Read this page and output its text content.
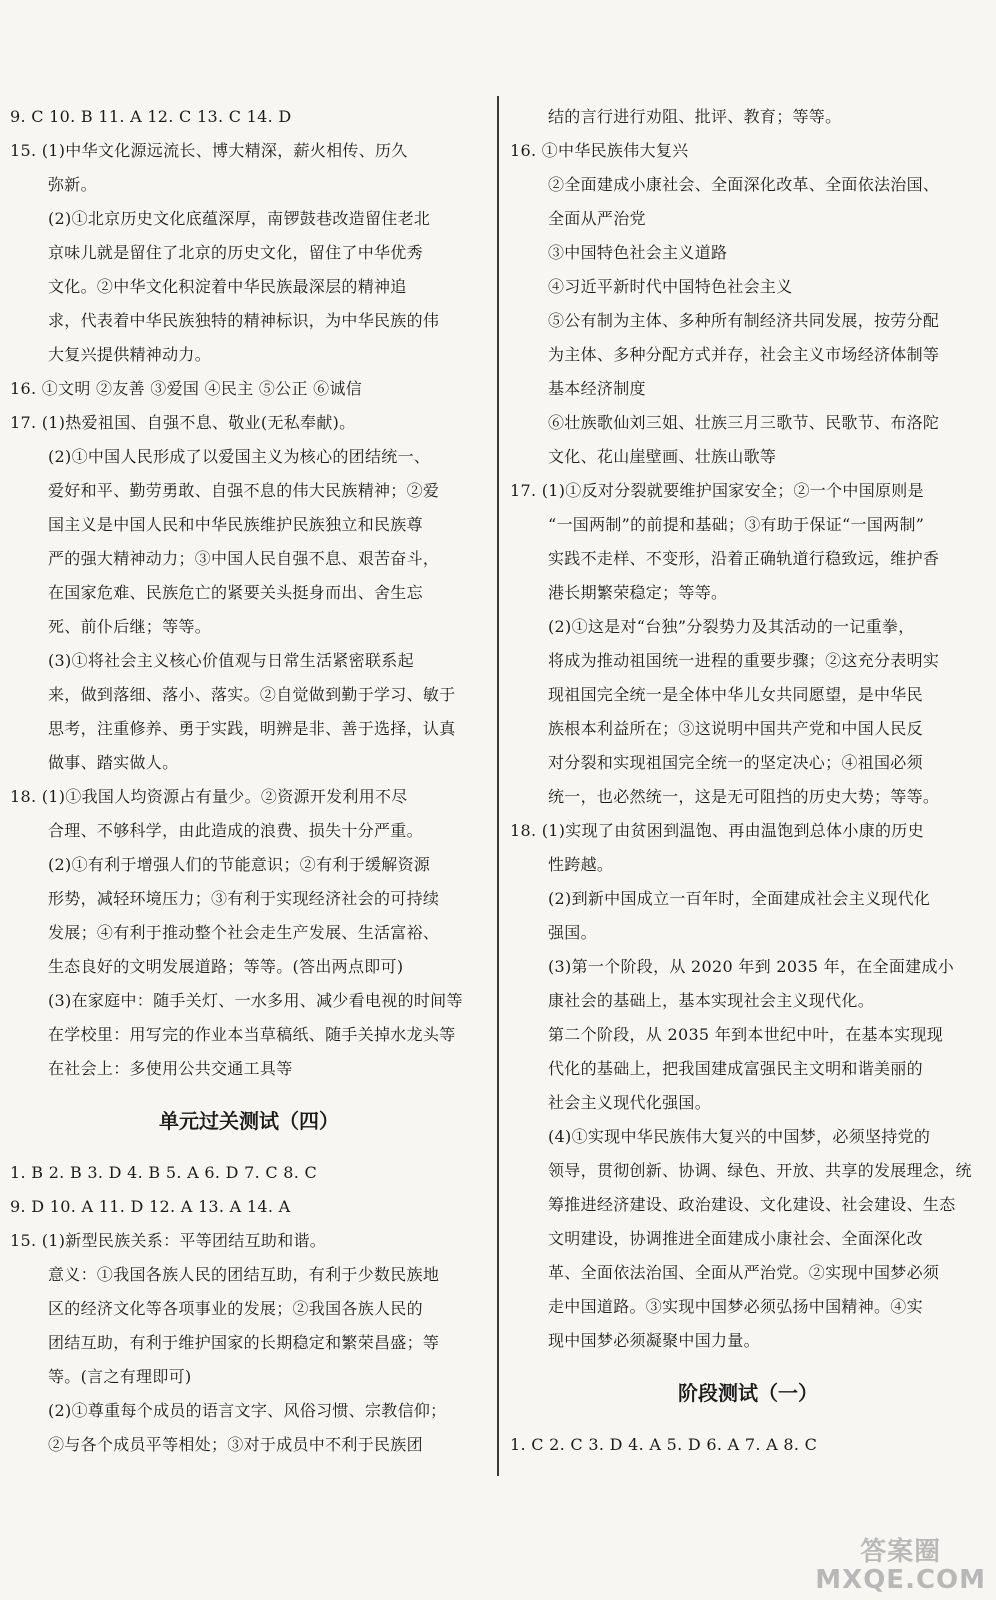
9. C 10. B 11. A 12. C 13. C 14. D
15. (1)中华文化源远流长、博大精深，薪火相传、历久
弥新。
(2)①北京历史文化底蕴深厚，南锣鼓巷改造留住老北
京味儿就是留住了北京的历史文化，留住了中华优秀
文化。②中华文化积淀着中华民族最深层的精神追
求，代表着中华民族独特的精神标识，为中华民族的伟
大复兴提供精神动力。
16. ①文明 ②友善 ③爱国 ④民主 ⑤公正 ⑥诚信
17. (1)热爱祖国、自强不息、敬业(无私奉献)。
(2)①中国人民形成了以爱国主义为核心的团结统一、
爱好和平、勤劳勇敢、自强不息的伟大民族精神；②爱
国主义是中国人民和中华民族维护民族独立和民族尊
严的强大精神动力；③中国人民自强不息、艰苦奋斗，
在国家危难、民族危亡的紧要关头挺身而出、舍生忘
死、前仆后继；等等。
(3)①将社会主义核心价值观与日常生活紧密联系起
来，做到落细、落小、落实。②自觉做到勤于学习、敏于
思考，注重修养、勇于实践，明辨是非、善于选择，认真
做事、踏实做人。
18. (1)①我国人均资源占有量少。②资源开发利用不尽
合理、不够科学，由此造成的浪费、损失十分严重。
(2)①有利于增强人们的节能意识；②有利于缓解资源
形势，减轻环境压力；③有利于实现经济社会的可持续
发展；④有利于推动整个社会走生产发展、生活富裕、
生态良好的文明发展道路；等等。(答出两点即可)
(3)在家庭中：随手关灯、一水多用、减少看电视的时间等
在学校里：用写完的作业本当草稿纸、随手关掉水龙头等
在社会上：多使用公共交通工具等
单元过关测试（四）
1. B 2. B 3. D 4. B 5. A 6. D 7. C 8. C
9. D 10. A 11. D 12. A 13. A 14. A
15. (1)新型民族关系：平等团结互助和谐。
意义：①我国各族人民的团结互助，有利于少数民族地
区的经济文化等各项事业的发展；②我国各族人民的
团结互助，有利于维护国家的长期稳定和繁荣昌盛；等
等。(言之有理即可)
(2)①尊重每个成员的语言文字、风俗习惯、宗教信仰；
②与各个成员平等相处；③对于成员中不利于民族团
结的言行进行劝阻、批评、教育；等等。
16. ①中华民族伟大复兴
②全面建成小康社会、全面深化改革、全面依法治国、
全面从严治党
③中国特色社会主义道路
④习近平新时代中国特色社会主义
⑤公有制为主体、多种所有制经济共同发展，按劳分配
为主体、多种分配方式并存，社会主义市场经济体制等
基本经济制度
⑥壮族歌仙刘三姐、壮族三月三歌节、民歌节、布洛陀
文化、花山崖壁画、壮族山歌等
17. (1)①反对分裂就要维护国家安全；②一个中国原则是
“一国两制”的前提和基础；③有助于保证“一国两制”
实践不走样、不变形，沿着正确轨道行稳致远，维护香
港长期繁荣稳定；等等。
(2)①这是对“台独”分裂势力及其活动的一记重拳，
将成为推动祖国统一进程的重要步骤；②这充分表明实
现祖国完全统一是全体中华儿女共同愿望，是中华民
族根本利益所在；③这说明中国共产党和中国人民反
对分裂和实现祖国完全统一的坚定决心；④祖国必须
统一，也必然统一，这是无可阻挡的历史大势；等等。
18. (1)实现了由贫困到温饱、再由温饱到总体小康的历史
性跨越。
(2)到新中国成立一百年时，全面建成社会主义现代化
强国。
(3)第一个阶段，从 2020 年到 2035 年，在全面建成小
康社会的基础上，基本实现社会主义现代化。
第二个阶段，从 2035 年到本世纪中叶，在基本实现现
代化的基础上，把我国建成富强民主文明和谐美丽的
社会主义现代化强国。
(4)①实现中华民族伟大复兴的中国梦，必须坚持党的
领导，贯彻创新、协调、绿色、开放、共享的发展理念，统
筹推进经济建设、政治建设、文化建设、社会建设、生态
文明建设，协调推进全面建成小康社会、全面深化改
革、全面依法治国、全面从严治党。②实现中国梦必须
走中国道路。③实现中国梦必须弘扬中国精神。④实
现中国梦必须凝聚中国力量。
阶段测试（一）
1. C 2. C 3. D 4. A 5. D 6. A 7. A 8. C
答案圈
MXQE.COM
